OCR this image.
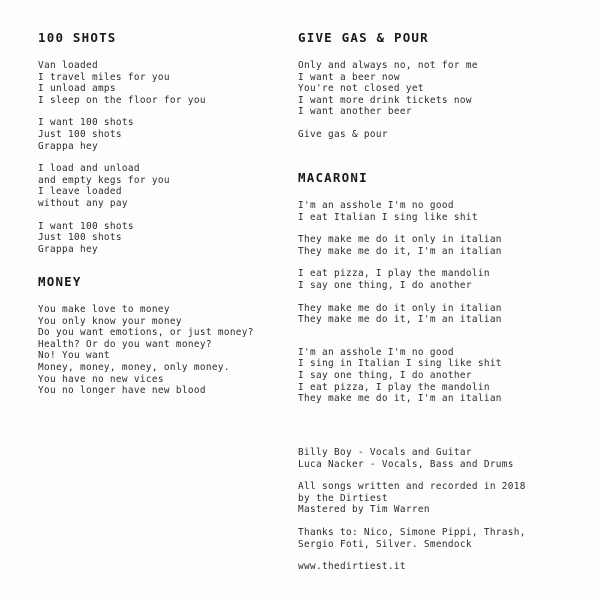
100 SHOTS
Van loaded
I travel miles for you
I unload amps
I sleep on the floor for you
I want 100 shots
Just 100 shots
Grappa hey
I load and unload
and empty kegs for you
I leave loaded
without any pay
I want 100 shots
Just 100 shots
Grappa hey
MONEY
You make love to money
You only know your money
Do you want emotions, or just money?
Health? Or do you want money?
No! You want
Money, money, money, only money.
You have no new vices
You no longer have new blood
GIVE GAS & POUR
Only and always no, not for me
I want a beer now
You're not closed yet
I want more drink tickets now
I want another beer
Give gas & pour
MACARONI
I'm an asshole I'm no good
I eat Italian I sing like shit
They make me do it only in italian
They make me do it, I'm an italian
I eat pizza, I play the mandolin
I say one thing, I do another
They make me do it only in italian
They make me do it, I'm an italian
I'm an asshole I'm no good
I sing in Italian I sing like shit
I say one thing, I do another
I eat pizza, I play the mandolin
They make me do it, I'm an italian
Billy Boy - Vocals and Guitar
Luca Nacker - Vocals, Bass and Drums
All songs written and recorded in 2018
by the Dirtiest
Mastered by Tim Warren
Thanks to: Nico, Simone Pippi, Thrash,
Sergio Foti, Silver. Smendock
www.thedirtiest.it
